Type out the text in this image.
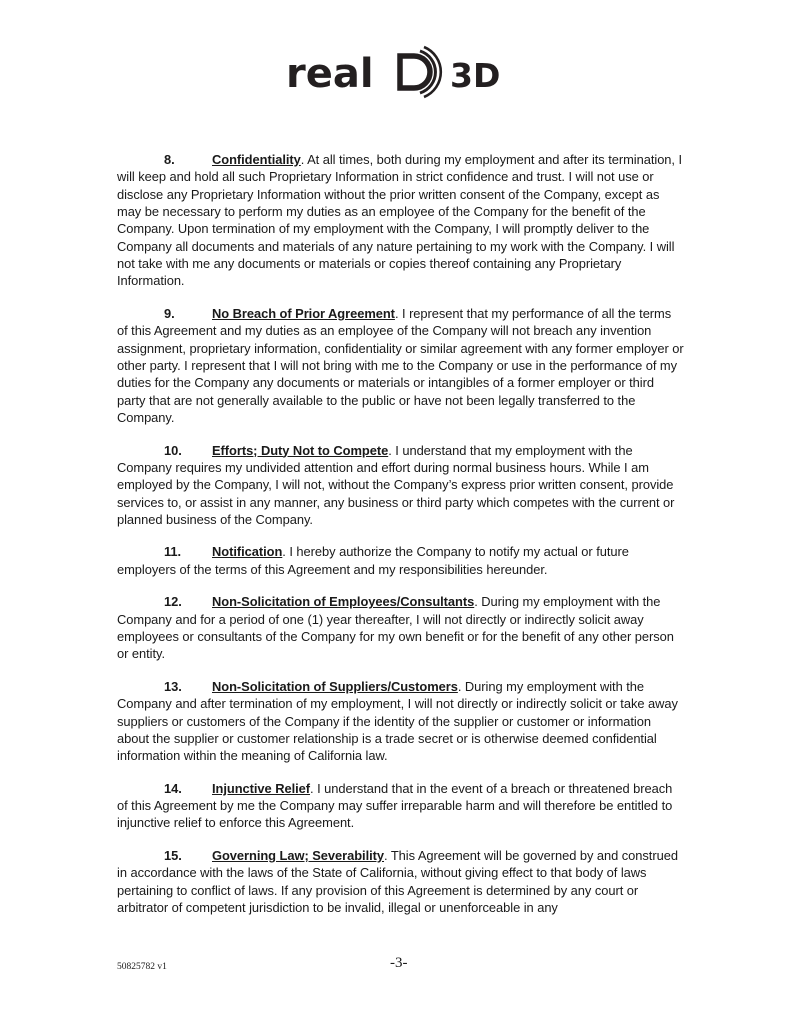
real 3D

8.	Confidentiality. At all times, both during my employment and after its termination, I will keep and hold all such Proprietary Information in strict confidence and trust. I will not use or disclose any Proprietary Information without the prior written consent of the Company, except as may be necessary to perform my duties as an employee of the Company for the benefit of the Company. Upon termination of my employment with the Company, I will promptly deliver to the Company all documents and materials of any nature pertaining to my work with the Company. I will not take with me any documents or materials or copies thereof containing any Proprietary Information.

9.	No Breach of Prior Agreement. I represent that my performance of all the terms of this Agreement and my duties as an employee of the Company will not breach any invention assignment, proprietary information, confidentiality or similar agreement with any former employer or other party. I represent that I will not bring with me to the Company or use in the performance of my duties for the Company any documents or materials or intangibles of a former employer or third party that are not generally available to the public or have not been legally transferred to the Company.

10. Efforts; Duty Not to Compete. I understand that my employment with the Company requires my undivided attention and effort during normal business hours. While I am employed by the Company, I will not, without the Company’s express prior written consent, provide services to, or assist in any manner, any business or third party which competes with the current or planned business of the Company.

11. Notification. I hereby authorize the Company to notify my actual or future employers of the terms of this Agreement and my responsibilities hereunder.

12. Non-Solicitation of Employees/Consultants. During my employment with the Company and for a period of one (1) year thereafter, I will not directly or indirectly solicit away employees or consultants of the Company for my own benefit or for the benefit of any other person or entity.

13. Non-Solicitation of Suppliers/Customers. During my employment with the Company and after termination of my employment, I will not directly or indirectly solicit or take away suppliers or customers of the Company if the identity of the supplier or customer or information about the supplier or customer relationship is a trade secret or is otherwise deemed confidential information within the meaning of California law.

14. Injunctive Relief. I understand that in the event of a breach or threatened breach of this Agreement by me the Company may suffer irreparable harm and will therefore be entitled to injunctive relief to enforce this Agreement.

15. Governing Law; Severability. This Agreement will be governed by and construed in accordance with the laws of the State of California, without giving effect to that body of laws pertaining to conflict of laws. If any provision of this Agreement is determined by any court or arbitrator of competent jurisdiction to be invalid, illegal or unenforceable in any

50825782 v1	-3-
